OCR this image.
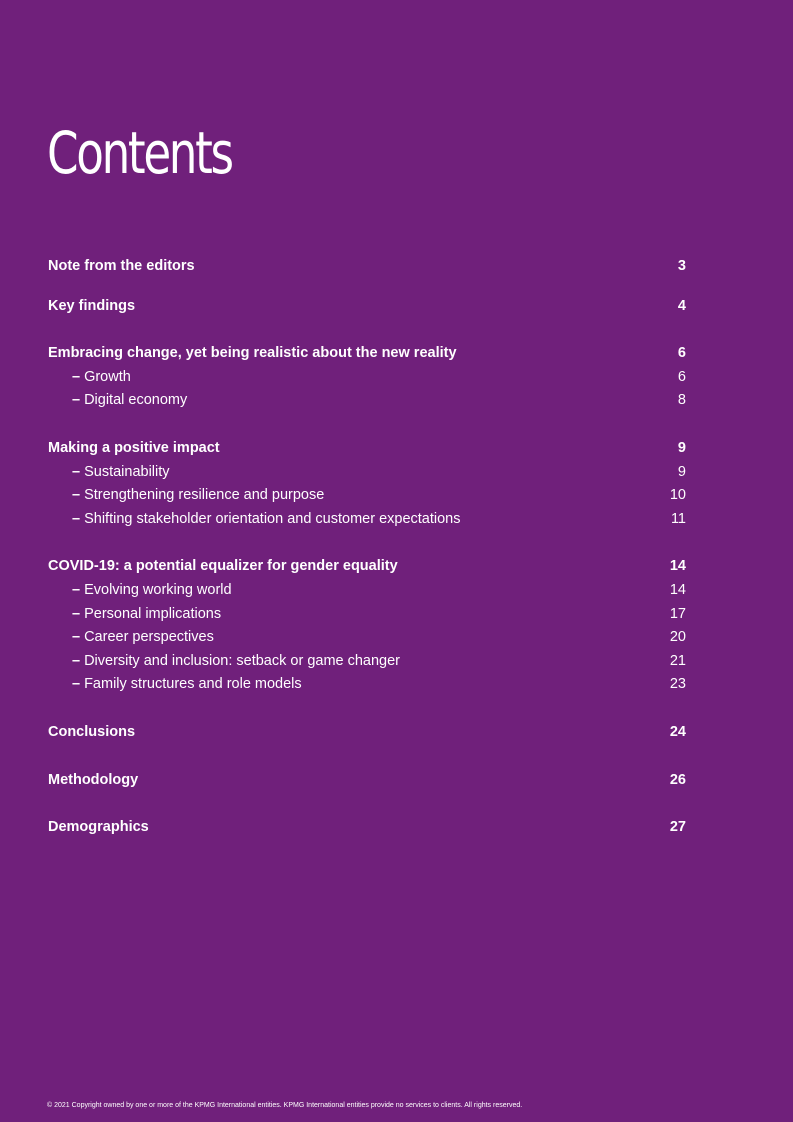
Contents
Note from the editors	3
Key findings	4
Embracing change, yet being realistic about the new reality	6
– Growth	6
– Digital economy	8
Making a positive impact	9
– Sustainability	9
– Strengthening resilience and purpose	10
– Shifting stakeholder orientation and customer expectations	11
COVID-19: a potential equalizer for gender equality	14
– Evolving working world	14
– Personal implications	17
– Career perspectives	20
– Diversity and inclusion: setback or game changer	21
– Family structures and role models	23
Conclusions	24
Methodology	26
Demographics	27
© 2021 Copyright owned by one or more of the KPMG International entities. KPMG International entities provide no services to clients. All rights reserved.
